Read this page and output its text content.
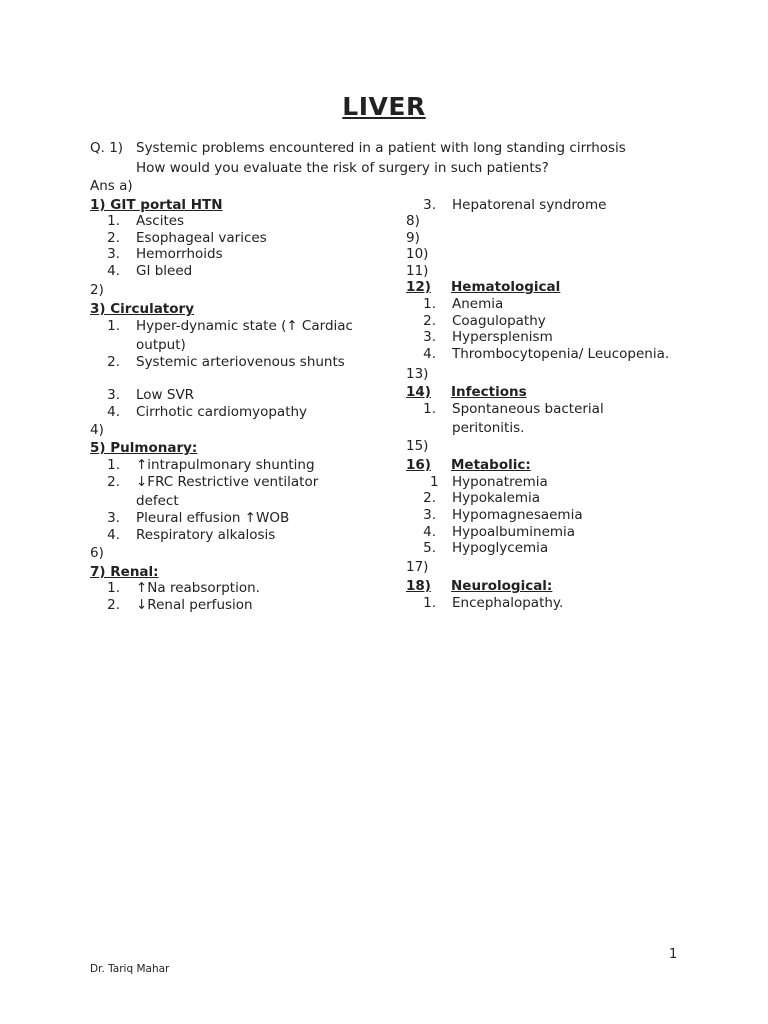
LIVER
Q. 1) Systemic problems encountered in a patient with long standing cirrhosis
How would you evaluate the risk of surgery in such patients?
Ans a)
1) GIT portal HTN
1. Ascites
2. Esophageal varices
3. Hemorrhoids
4. GI bleed
2)
3) Circulatory
1. Hyper-dynamic state (↑ Cardiac
output)
2. Systemic arteriovenous shunts
3. Low SVR
4. Cirrhotic cardiomyopathy
4)
5) Pulmonary:
1. ↑intrapulmonary shunting
2. ↓FRC Restrictive ventilator
defect
3. Pleural effusion ↑WOB
4. Respiratory alkalosis
6)
7) Renal:
1. ↑Na reabsorption.
2. ↓Renal perfusion
3. Hepatorenal syndrome
8)
9)
10)
11)
12) Hematological
1. Anemia
2. Coagulopathy
3. Hypersplenism
4. Thrombocytopenia/ Leucopenia.
13)
14) Infections
1. Spontaneous bacterial
peritonitis.
15)
16) Metabolic:
1 Hyponatremia
2. Hypokalemia
3. Hypomagnesaemia
4. Hypoalbuminemia
5. Hypoglycemia
17)
18) Neurological:
1. Encephalopathy.
1
Dr. Tariq Mahar
